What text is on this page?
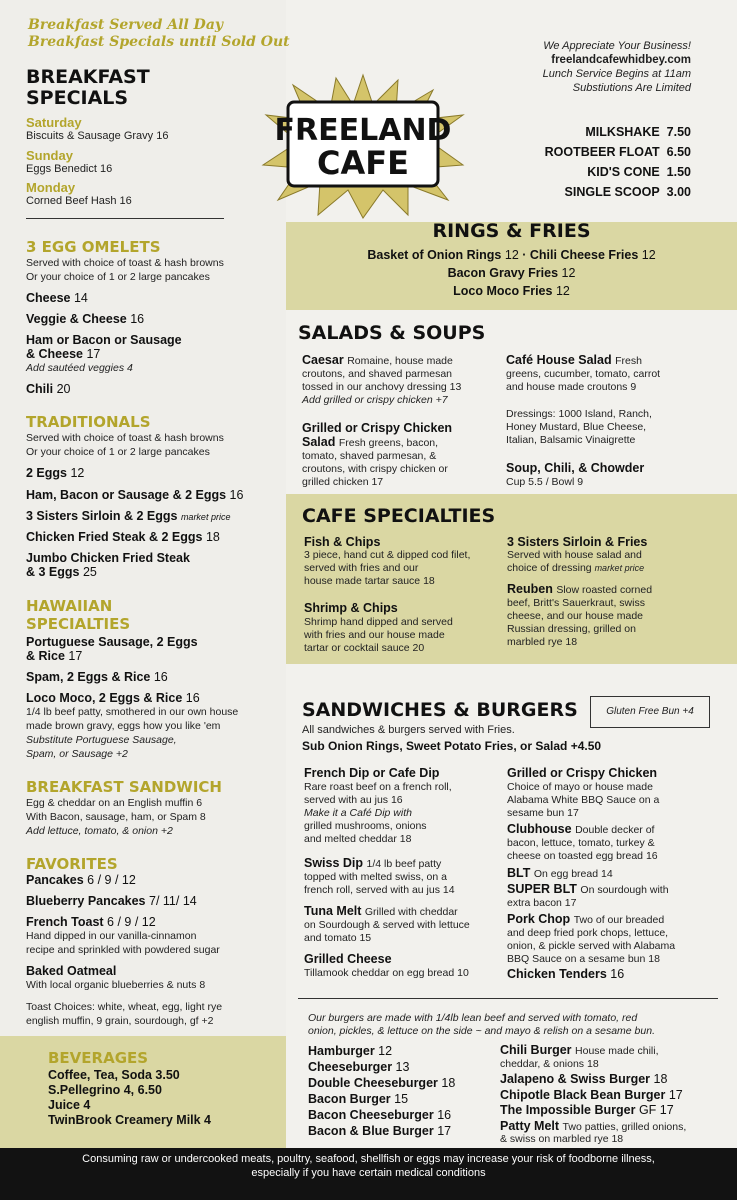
FREELAND
CAFE
Breakfast Served All Day
Breakfast Specials until Sold Out
BREAKFAST
SPECIALS
Saturday
Biscuits & Sausage Gravy 16
Sunday
Eggs Benedict 16
Monday
Corned Beef Hash 16
3 EGG OMELETS
Served with choice of toast & hash browns
Or your choice of 1 or 2 large pancakes
Cheese 14
Veggie & Cheese 16
Ham or Bacon or Sausage
& Cheese 17
Add sautéed veggies 4
Chili 20
TRADITIONALS
Served with choice of toast & hash browns
Or your choice of 1 or 2 large pancakes
2 Eggs 12
Ham, Bacon or Sausage & 2 Eggs 16
3 Sisters Sirloin & 2 Eggs market price
Chicken Fried Steak & 2 Eggs 18
Jumbo Chicken Fried Steak
& 3 Eggs 25
HAWAIIAN
SPECIALTIES
Portuguese Sausage, 2 Eggs
& Rice 17
Spam, 2 Eggs & Rice 16
Loco Moco, 2 Eggs & Rice 16
1/4 lb beef patty, smothered in our own house
made brown gravy, eggs how you like 'em
Substitute Portuguese Sausage,
Spam, or Sausage +2
BREAKFAST SANDWICH
Egg & cheddar on an English muffin 6
With Bacon, sausage, ham, or Spam 8
Add lettuce, tomato, & onion +2
FAVORITES
Pancakes 6 / 9 / 12
Blueberry Pancakes 7/ 11/ 14
French Toast 6 / 9 / 12
Hand dipped in our vanilla-cinnamon
recipe and sprinkled with powdered sugar
Baked Oatmeal
With local organic blueberries & nuts 8
Toast Choices: white, wheat, egg, light rye
english muffin, 9 grain, sourdough, gf +2
BEVERAGES
Coffee, Tea, Soda 3.50
S.Pellegrino 4, 6.50
Juice 4
TwinBrook Creamery Milk 4
We Appreciate Your Business!
freelandcafewhidbey.com
Lunch Service Begins at 11am
Substiutions Are Limited
MILKSHAKE 7.50
ROOTBEER FLOAT 6.50
KID'S CONE 1.50
SINGLE SCOOP 3.00
RINGS & FRIES
Basket of Onion Rings 12 · Chili Cheese Fries 12
Bacon Gravy Fries 12
Loco Moco Fries 12
SALADS & SOUPS
Caesar Romaine, house made
croutons, and shaved parmesan
tossed in our anchovy dressing 13
Add grilled or crispy chicken +7
Grilled or Crispy Chicken
Salad Fresh greens, bacon,
tomato, shaved parmesan, &
croutons, with crispy chicken or
grilled chicken 17
Café House Salad Fresh
greens, cucumber, tomato, carrot
and house made croutons 9
Dressings: 1000 Island, Ranch,
Honey Mustard, Blue Cheese,
Italian, Balsamic Vinaigrette
Soup, Chili, & Chowder
Cup 5.5 / Bowl 9
CAFE SPECIALTIES
Fish & Chips
3 piece, hand cut & dipped cod filet,
served with fries and our
house made tartar sauce 18
Shrimp & Chips
Shrimp hand dipped and served
with fries and our house made
tartar or cocktail sauce 20
3 Sisters Sirloin & Fries
Served with house salad and
choice of dressing market price
Reuben Slow roasted corned
beef, Britt's Sauerkraut, swiss
cheese, and our house made
Russian dressing, grilled on
marbled rye 18
SANDWICHES & BURGERS	Gluten Free Bun +4
All sandwiches & burgers served with Fries.
Sub Onion Rings, Sweet Potato Fries, or Salad +4.50
French Dip or Cafe Dip
Rare roast beef on a french roll,
served with au jus 16
Make it a Café Dip with
grilled mushrooms, onions
and melted cheddar 18
Swiss Dip 1/4 lb beef patty
topped with melted swiss, on a
french roll, served with au jus 14
Tuna Melt Grilled with cheddar
on Sourdough & served with lettuce
and tomato 15
Grilled Cheese
Tillamook cheddar on egg bread 10
Grilled or Crispy Chicken
Choice of mayo or house made
Alabama White BBQ Sauce on a
sesame bun 17
Clubhouse Double decker of
bacon, lettuce, tomato, turkey &
cheese on toasted egg bread 16
BLT On egg bread 14
SUPER BLT On sourdough with
extra bacon 17
Pork Chop Two of our breaded
and deep fried pork chops, lettuce,
onion, & pickle served with Alabama
BBQ Sauce on a sesame bun 18
Chicken Tenders 16
Our burgers are made with 1/4lb lean beef and served with tomato, red
onion, pickles, & lettuce on the side ~ and mayo & relish on a sesame bun.
Hamburger 12
Cheeseburger 13
Double Cheeseburger 18
Bacon Burger 15
Bacon Cheeseburger 16
Bacon & Blue Burger 17
Chili Burger House made chili,
cheddar, & onions 18
Jalapeno & Swiss Burger 18
Chipotle Black Bean Burger 17
The Impossible Burger GF 17
Patty Melt Two patties, grilled onions,
& swiss on marbled rye 18
Consuming raw or undercooked meats, poultry, seafood, shellfish or eggs may increase your risk of foodborne illness,
especially if you have certain medical conditions
